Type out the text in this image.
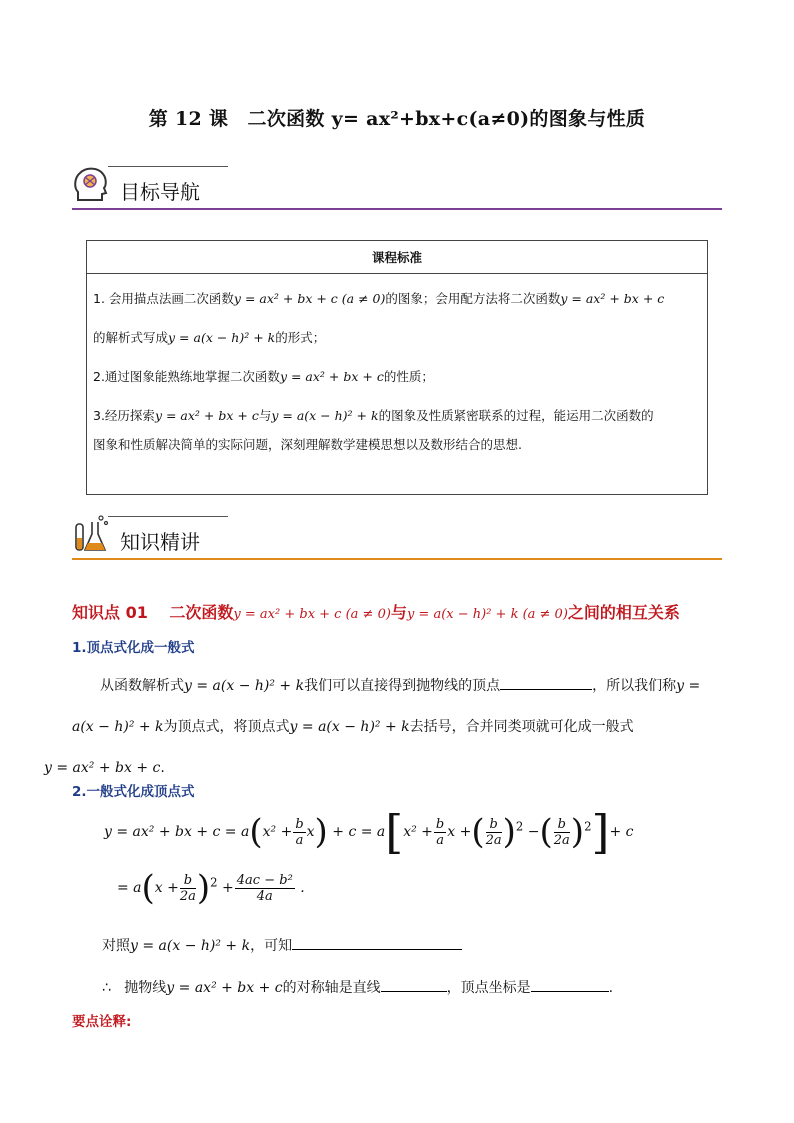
第 12 课　二次函数 y= ax²+bx+c(a≠0)的图象与性质
目标导航
课程标准

1. 会用描点法画二次函数y = ax² + bx + c (a ≠ 0)的图象；会用配方法将二次函数y = ax² + bx + c

的解析式写成y = a(x − h)² + k的形式；

2.通过图象能熟练地掌握二次函数y = ax² + bx + c的性质；

3.经历探索y = ax² + bx + c与y = a(x − h)² + k的图象及性质紧密联系的过程，能运用二次函数的

图象和性质解决简单的实际问题，深刻理解数学建模思想以及数形结合的思想.

知识精讲
知识点 01　 二次函数y = ax² + bx + c (a ≠ 0)与y = a(x − h)² + k (a ≠ 0)之间的相互关系
1.顶点式化成一般式
从函数解析式y = a(x − h)² + k我们可以直接得到抛物线的顶点	，所以我们称y = a(x − h)² + k为顶点式，将顶点式y = a(x − h)² + k去括号，合并同类项就可化成一般式
y = ax² + bx + c.
2.一般式化成顶点式
y = ax² + bx + $c = a(x^2 + \frac{b}{a} x) + c = a[x^2 + \frac{b}{a}$ x +( $\frac{b}{2a} )^2$ −( $\frac{b}{2a} )^2]+ c$
= $a(x + \frac{b}{2a} )^2 + \frac{\text{4ac − b²}}{4a}$ .
对照y = a(x − h)² + k，可知
∴ 抛物线y = ax² + bx + c的对称轴是直线	，顶点坐标是	.
要点诠释:
